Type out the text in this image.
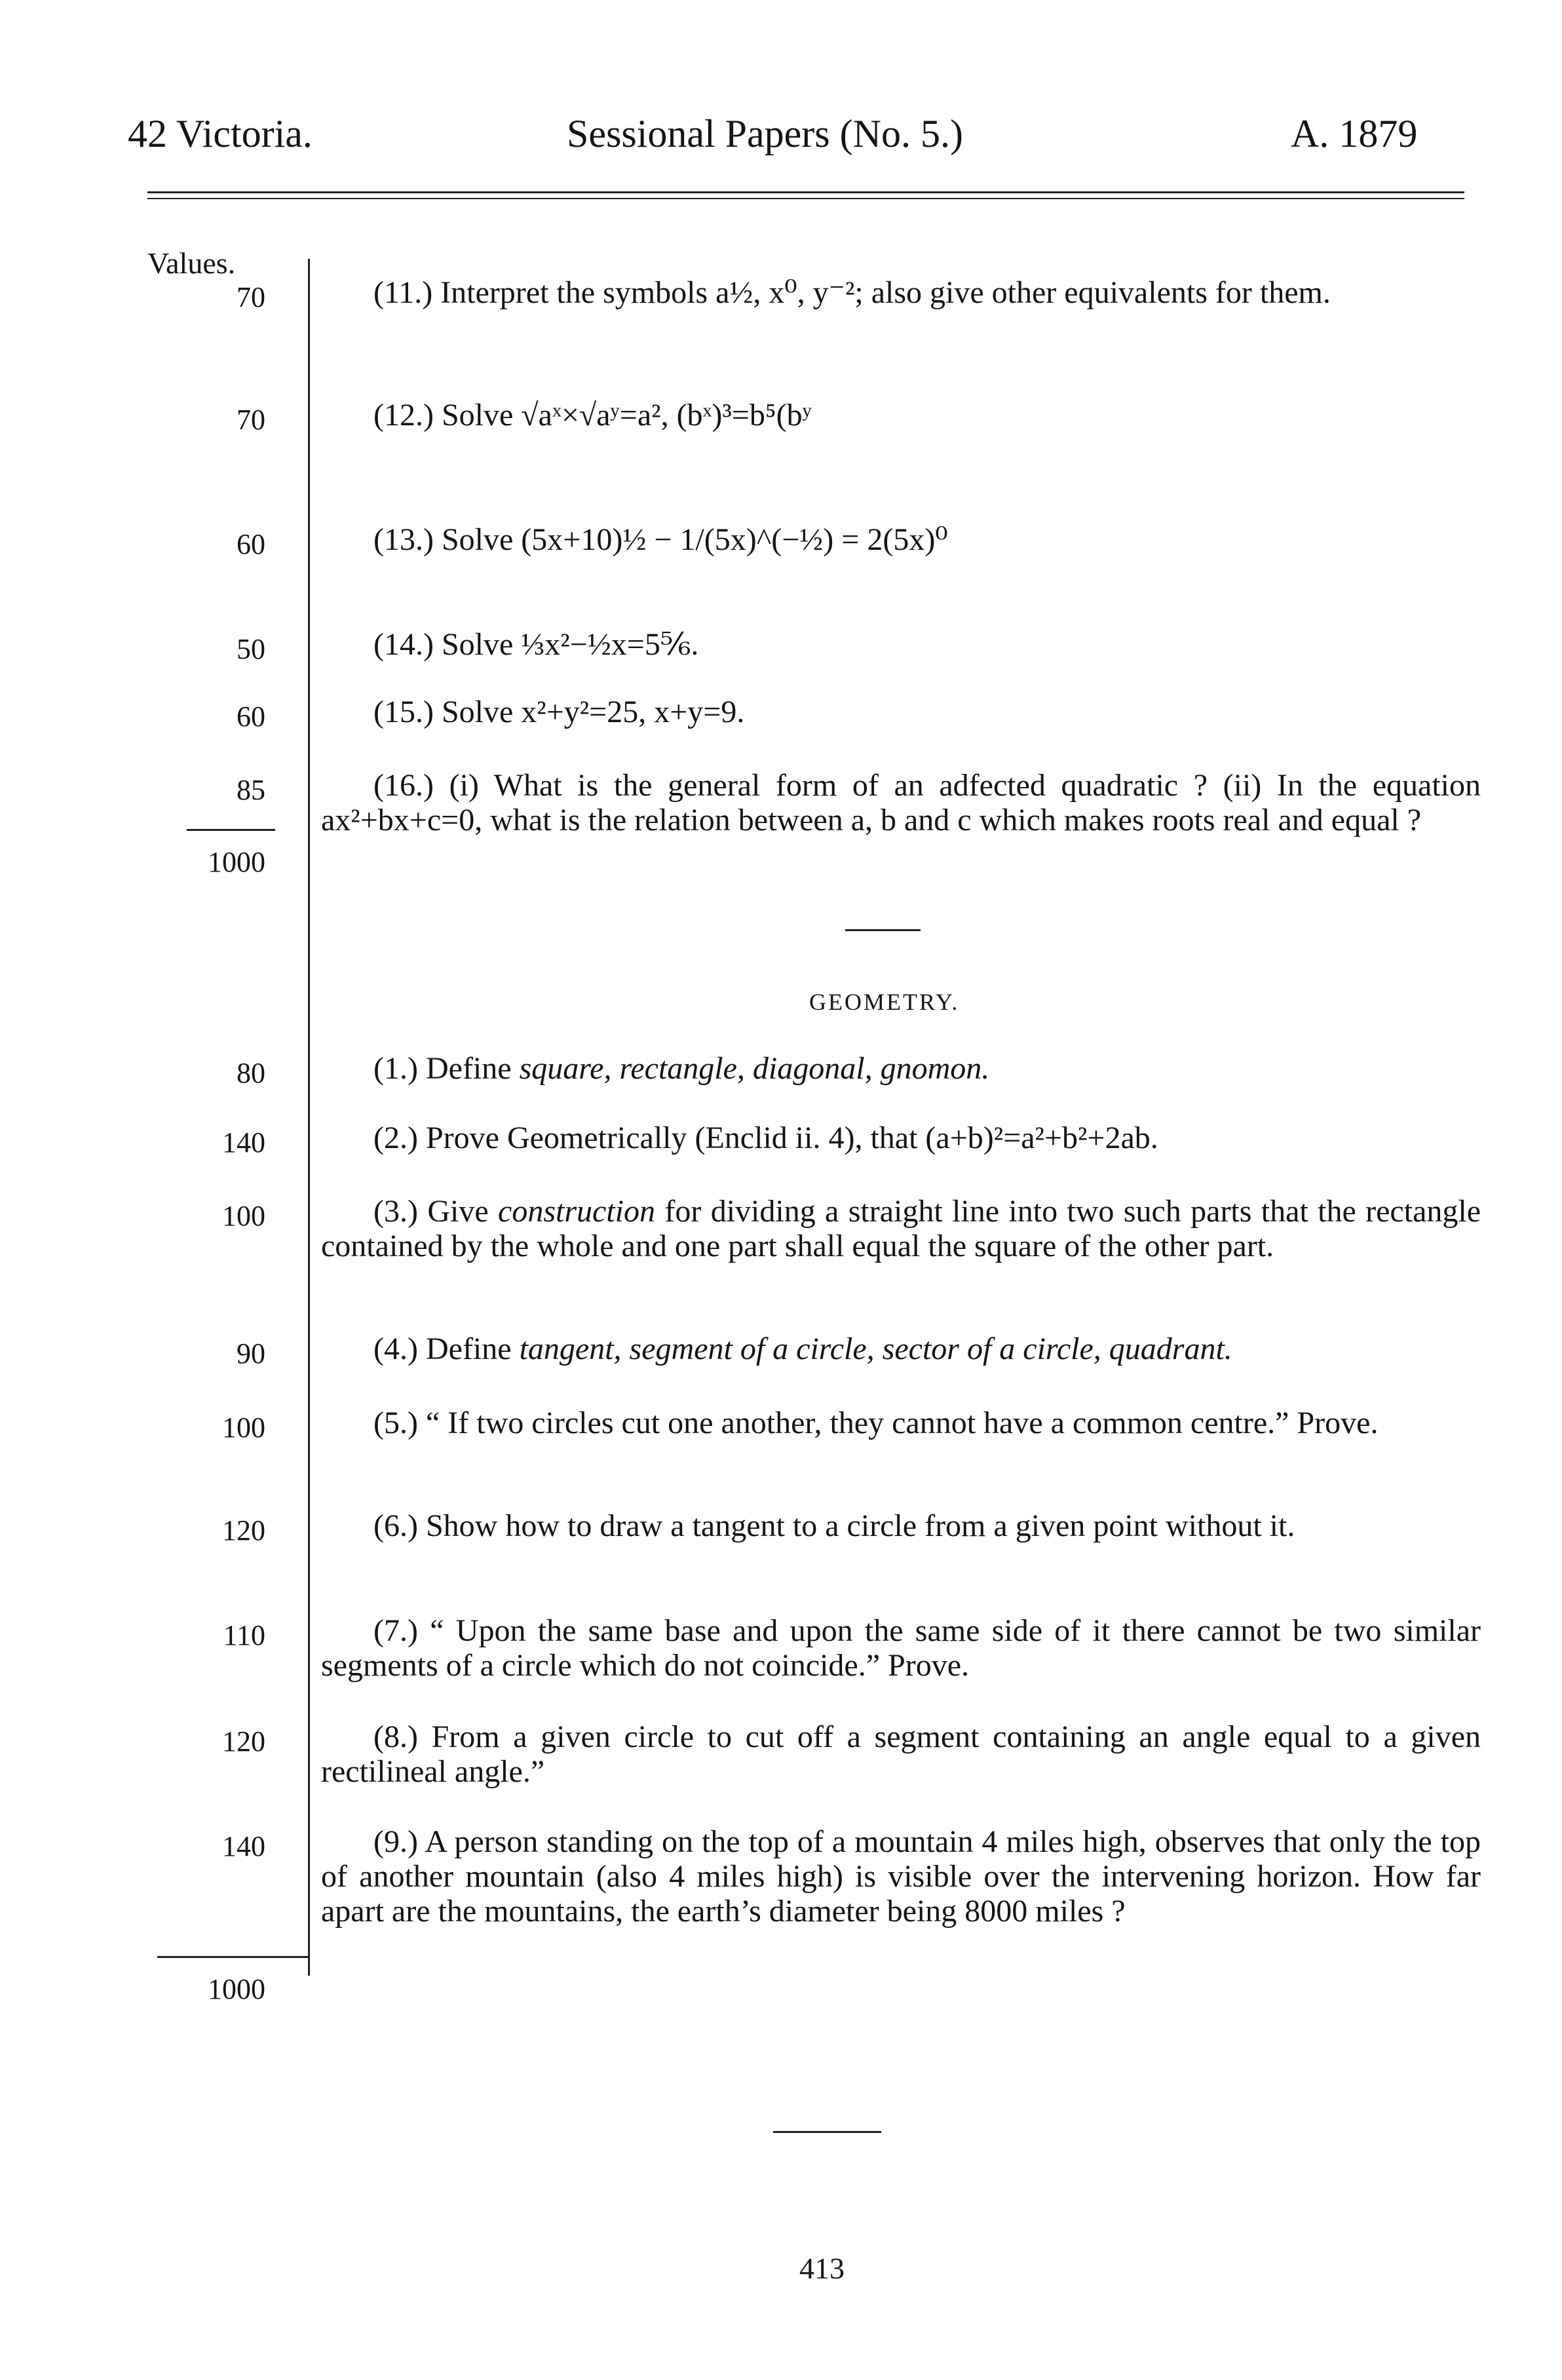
42 Victoria.	Sessional Papers (No. 5.)	A. 1879
Values.
70	(11.) Interpret the symbols a½, x⁰, y⁻²; also give other equivalents for them.
70	(12.) Solve √aˣ×√aʸ=a², (bˣ)³=b⁵(bʸ
60	(13.) Solve (5x+10)½ − 1/(5x)^(−½) = 2(5x)⁰
50	(14.) Solve ⅓x²−½x=5⅚.
60	(15.) Solve x²+y²=25, x+y=9.
85	(16.) (i) What is the general form of an adfected quadratic ? (ii) In the equation ax²+bx+c=0, what is the relation between a, b and c which makes roots real and equal ?
1000
GEOMETRY.
80	(1.) Define square, rectangle, diagonal, gnomon.
140	(2.) Prove Geometrically (Enclid ii. 4), that (a+b)²=a²+b²+2ab.
100	(3.) Give construction for dividing a straight line into two such parts that the rectangle contained by the whole and one part shall equal the square of the other part.
90	(4.) Define tangent, segment of a circle, sector of a circle, quadrant.
100	(5.) “ If two circles cut one another, they cannot have a common centre.” Prove.
120	(6.) Show how to draw a tangent to a circle from a given point without it.
110	(7.) “ Upon the same base and upon the same side of it there cannot be two similar segments of a circle which do not coincide.” Prove.
120	(8.) From a given circle to cut off a segment containing an angle equal to a given rectilineal angle.”
140	(9.) A person standing on the top of a mountain 4 miles high, observes that only the top of another mountain (also 4 miles high) is visible over the intervening horizon. How far apart are the mountains, the earth’s diameter being 8000 miles ?
1000
413
